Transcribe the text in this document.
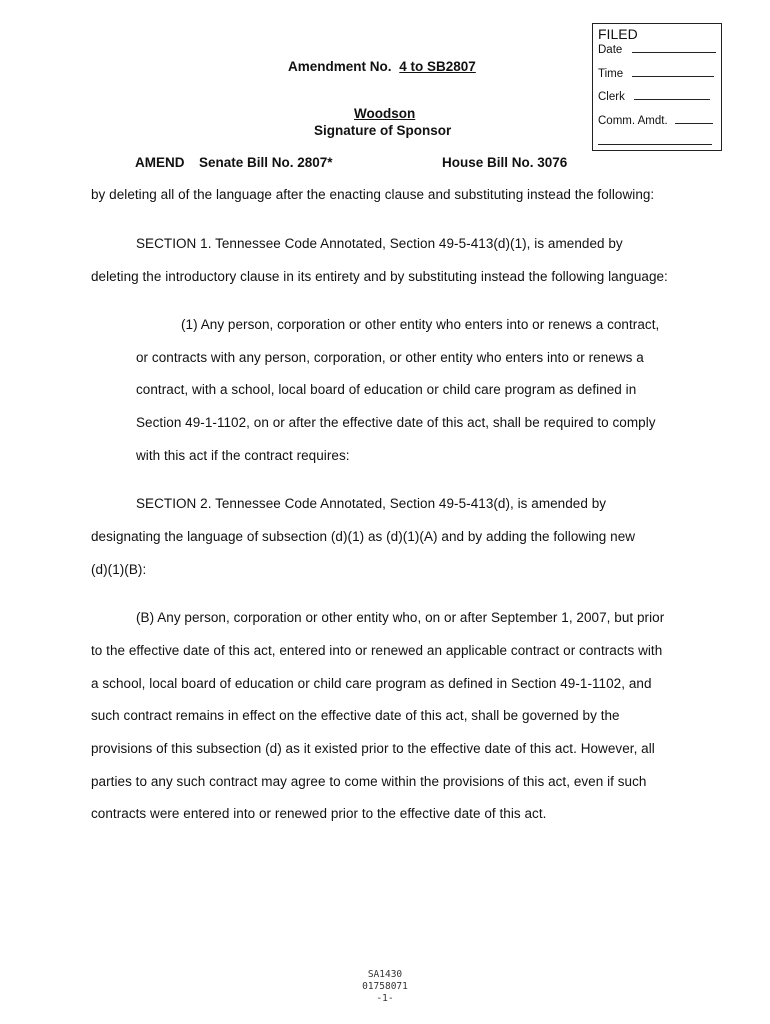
FILED
Date
Time
Clerk
Comm. Amdt.
Amendment No. 4 to SB2807
Woodson
Signature of Sponsor
AMEND Senate Bill No. 2807*	House Bill No. 3076
by deleting all of the language after the enacting clause and substituting instead the following:
SECTION 1. Tennessee Code Annotated, Section 49-5-413(d)(1), is amended by
deleting the introductory clause in its entirety and by substituting instead the following language:
(1) Any person, corporation or other entity who enters into or renews a contract,
or contracts with any person, corporation, or other entity who enters into or renews a
contract, with a school, local board of education or child care program as defined in
Section 49-1-1102, on or after the effective date of this act, shall be required to comply
with this act if the contract requires:
SECTION 2. Tennessee Code Annotated, Section 49-5-413(d), is amended by
designating the language of subsection (d)(1) as (d)(1)(A) and by adding the following new
(d)(1)(B):
(B) Any person, corporation or other entity who, on or after September 1, 2007, but prior
to the effective date of this act, entered into or renewed an applicable contract or contracts with
a school, local board of education or child care program as defined in Section 49-1-1102, and
such contract remains in effect on the effective date of this act, shall be governed by the
provisions of this subsection (d) as it existed prior to the effective date of this act. However, all
parties to any such contract may agree to come within the provisions of this act, even if such
contracts were entered into or renewed prior to the effective date of this act.
SA1430
01758071
-1-
